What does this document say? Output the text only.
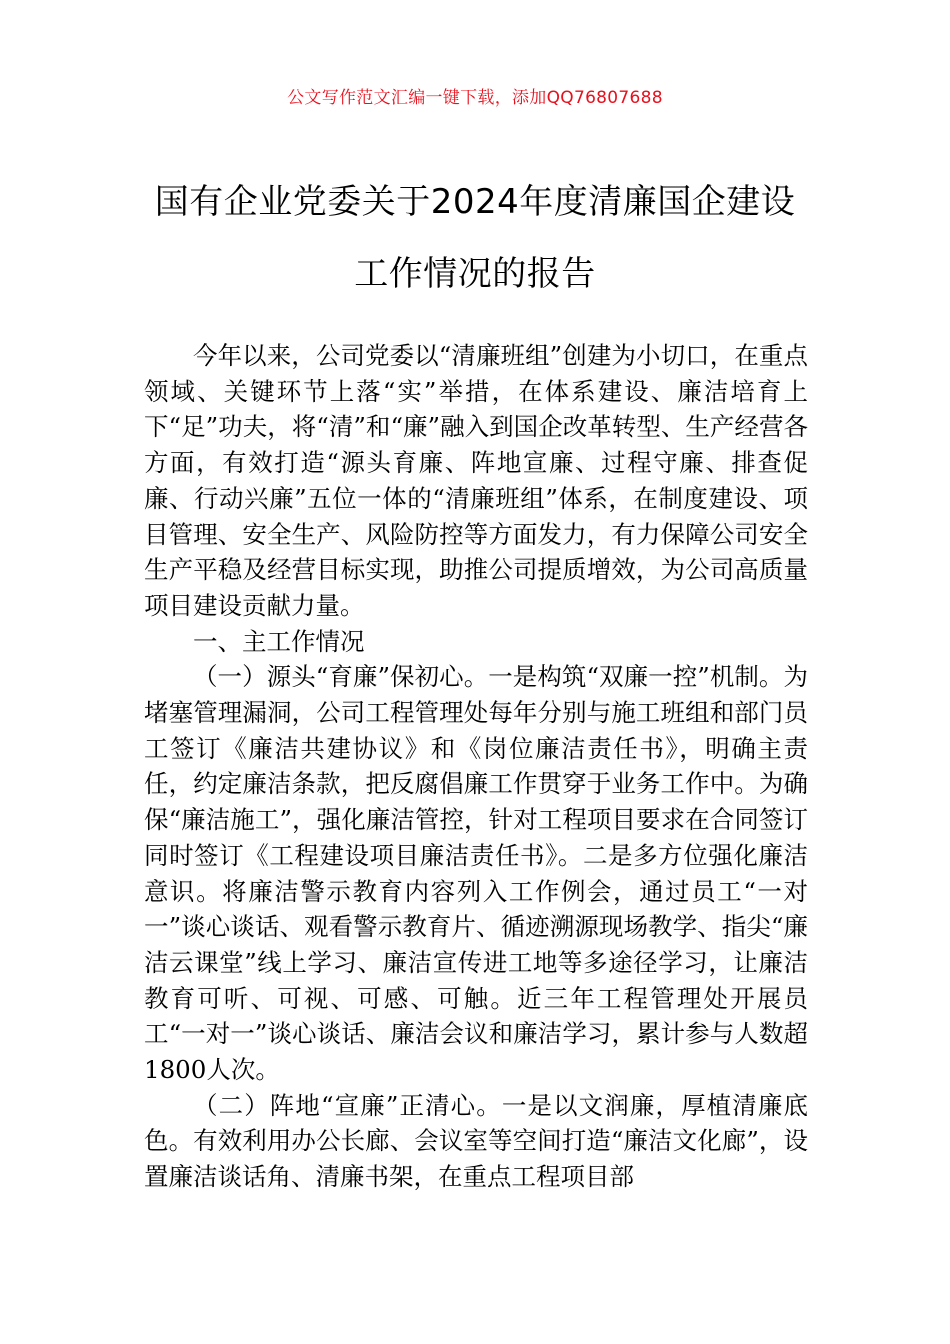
公文写作范文汇编一键下载，添加QQ76807688
国有企业党委关于2024年度清廉国企建设
工作情况的报告

今年以来，公司党委以“清廉班组”创建为小切口，在重点领域、关键环节上落“实”举措，在体系建设、廉洁培育上下“足”功夫，将“清”和“廉”融入到国企改革转型、生产经营各方面，有效打造“源头育廉、阵地宣廉、过程守廉、排查促廉、行动兴廉”五位一体的“清廉班组”体系，在制度建设、项目管理、安全生产、风险防控等方面发力，有力保障公司安全生产平稳及经营目标实现，助推公司提质增效，为公司高质量项目建设贡献力量。

一、主工作情况

（一）源头“育廉”保初心。一是构筑“双廉一控”机制。为堵塞管理漏洞，公司工程管理处每年分别与施工班组和部门员工签订《廉洁共建协议》和《岗位廉洁责任书》，明确主责任，约定廉洁条款，把反腐倡廉工作贯穿于业务工作中。为确保“廉洁施工”，强化廉洁管控，针对工程项目要求在合同签订同时签订《工程建设项目廉洁责任书》。二是多方位强化廉洁意识。将廉洁警示教育内容列入工作例会，通过员工“一对一”谈心谈话、观看警示教育片、循迹溯源现场教学、指尖“廉洁云课堂”线上学习、廉洁宣传进工地等多途径学习，让廉洁教育可听、可视、可感、可触。近三年工程管理处开展员工“一对一”谈心谈话、廉洁会议和廉洁学习，累计参与人数超1800人次。

（二）阵地“宣廉”正清心。一是以文润廉，厚植清廉底色。有效利用办公长廊、会议室等空间打造“廉洁文化廊”，设置廉洁谈话角、清廉书架，在重点工程项目部
